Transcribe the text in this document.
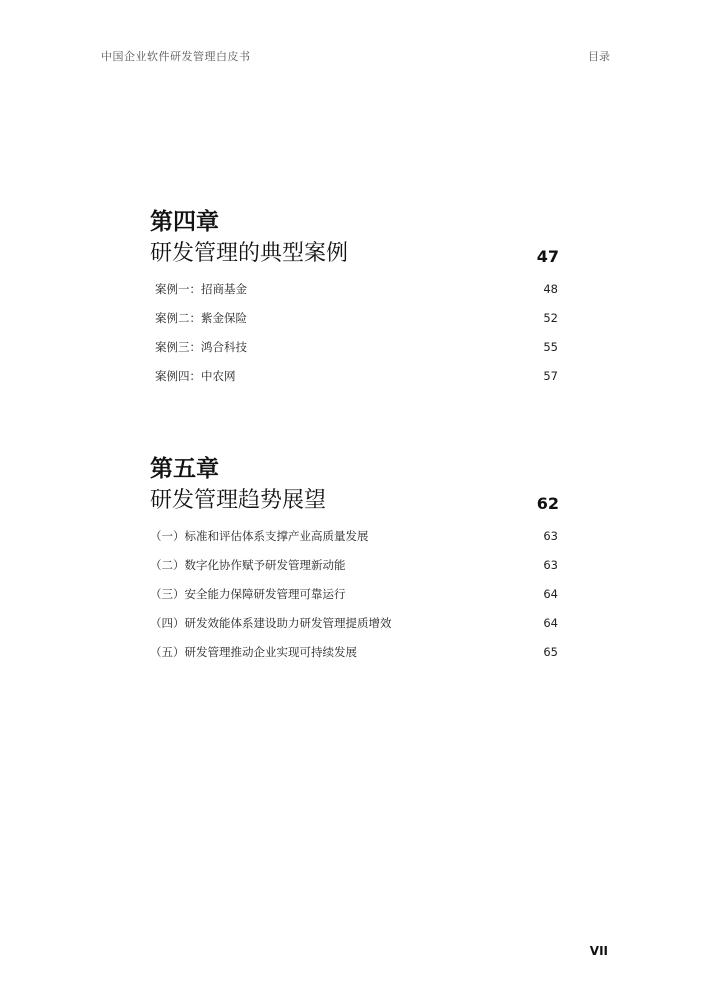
中国企业软件研发管理白皮书	目录
第四章
研发管理的典型案例	47
案例一：招商基金	48
案例二：紫金保险	52
案例三：鸿合科技	55
案例四：中农网	57
第五章
研发管理趋势展望	62
（一）标准和评估体系支撑产业高质量发展	63
（二）数字化协作赋予研发管理新动能	63
（三）安全能力保障研发管理可靠运行	64
（四）研发效能体系建设助力研发管理提质增效	64
（五）研发管理推动企业实现可持续发展	65
VII
